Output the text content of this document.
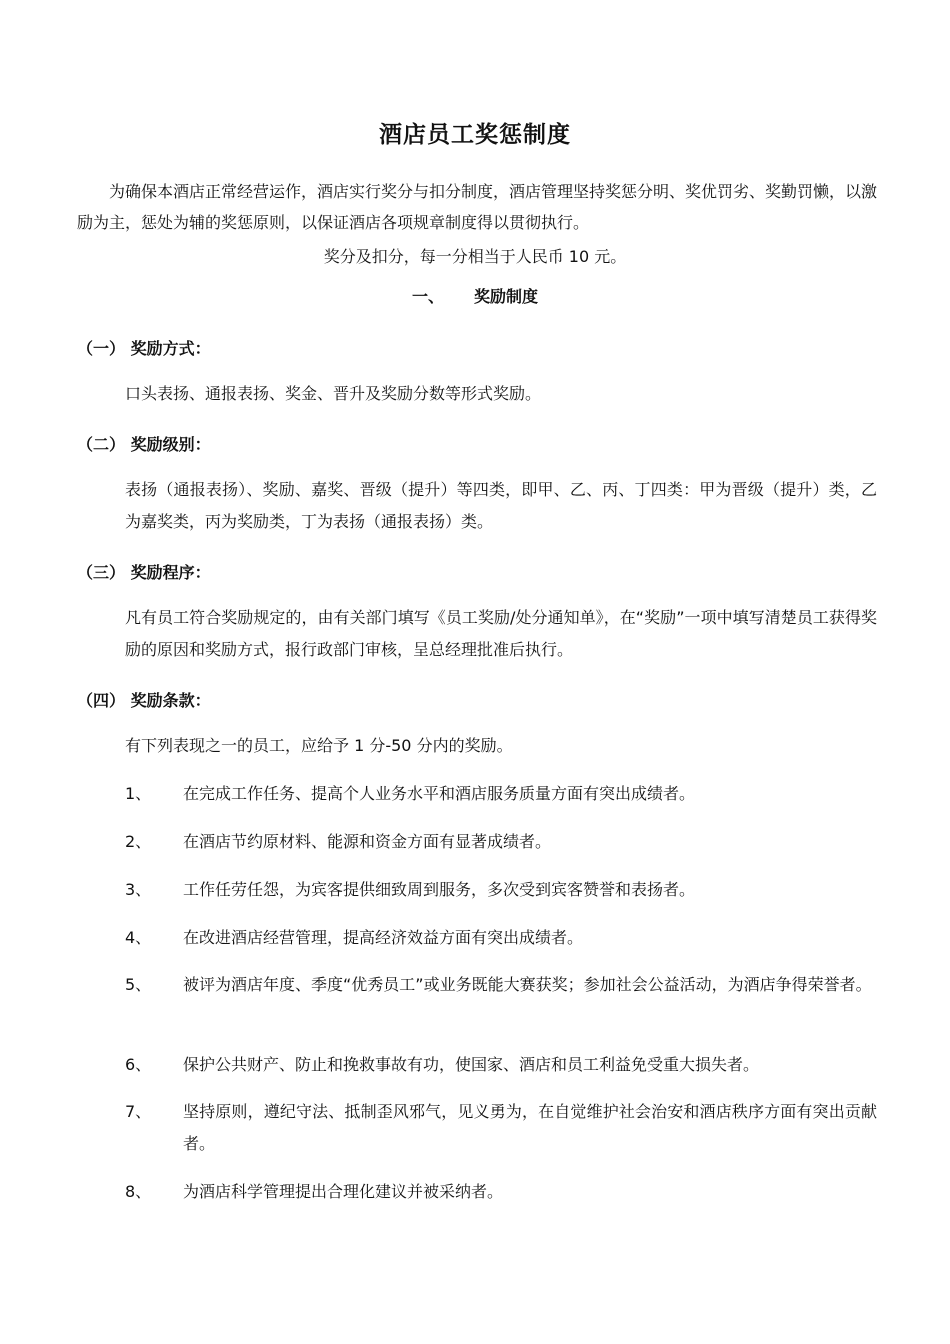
酒店员工奖惩制度
为确保本酒店正常经营运作，酒店实行奖分与扣分制度，酒店管理坚持奖惩分明、奖优罚劣、奖勤罚懒，以激励为主，惩处为辅的奖惩原则，以保证酒店各项规章制度得以贯彻执行。
奖分及扣分，每一分相当于人民币 10 元。
一、 奖励制度
（一） 奖励方式：
口头表扬、通报表扬、奖金、晋升及奖励分数等形式奖励。
（二） 奖励级别：
表扬（通报表扬）、奖励、嘉奖、晋级（提升）等四类，即甲、乙、丙、丁四类：甲为晋级（提升）类，乙为嘉奖类，丙为奖励类，丁为表扬（通报表扬）类。
（三） 奖励程序：
凡有员工符合奖励规定的，由有关部门填写《员工奖励/处分通知单》，在“奖励”一项中填写清楚员工获得奖励的原因和奖励方式，报行政部门审核，呈总经理批准后执行。
（四） 奖励条款：
有下列表现之一的员工，应给予 1 分-50 分内的奖励。
1、	在完成工作任务、提高个人业务水平和酒店服务质量方面有突出成绩者。
2、	在酒店节约原材料、能源和资金方面有显著成绩者。
3、	工作任劳任怨，为宾客提供细致周到服务，多次受到宾客赞誉和表扬者。
4、	在改进酒店经营管理，提高经济效益方面有突出成绩者。
5、	被评为酒店年度、季度“优秀员工”或业务既能大赛获奖；参加社会公益活动，为酒店争得荣誉者。
6、	保护公共财产、防止和挽救事故有功，使国家、酒店和员工利益免受重大损失者。
7、	坚持原则，遵纪守法、抵制歪风邪气，见义勇为，在自觉维护社会治安和酒店秩序方面有突出贡献者。
8、	为酒店科学管理提出合理化建议并被采纳者。
